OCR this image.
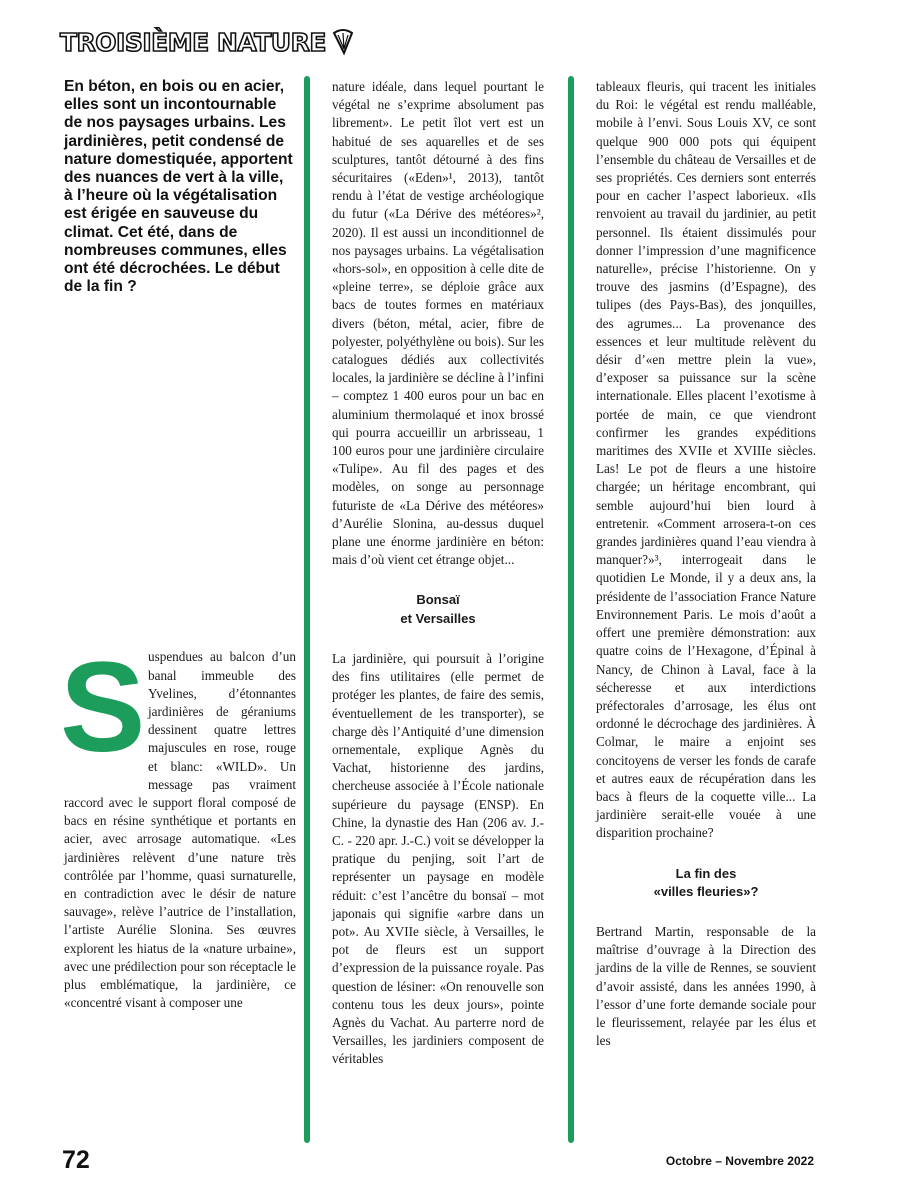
TROISIÈME NATURE

En béton, en bois ou en acier, elles sont un incontournable de nos paysages urbains. Les jardinières, petit condensé de nature domestiquée, apportent des nuances de vert à la ville, à l’heure où la végétalisation est érigée en sauveuse du climat. Cet été, dans de nombreuses communes, elles ont été décrochées. Le début de la fin ?

S uspendues au balcon d’un banal immeuble des Yvelines, d’étonnantes jardinières de géraniums dessinent quatre lettres majuscules en rose, rouge et blanc: «WILD». Un message pas vraiment raccord avec le support floral composé de bacs en résine synthétique et portants en acier, avec arrosage automatique. «Les jardinières relèvent d’une nature très contrôlée par l’homme, quasi surnaturelle, en contradiction avec le désir de nature sauvage», relève l’autrice de l’installation, l’artiste Aurélie Slonina. Ses œuvres explorent les hiatus de la «nature urbaine», avec une prédilection pour son réceptacle le plus emblématique, la jardinière, ce «concentré visant à composer une

nature idéale, dans lequel pourtant le végétal ne s’exprime absolument pas librement». Le petit îlot vert est un habitué de ses aquarelles et de ses sculptures, tantôt détourné à des fins sécuritaires («Eden»¹, 2013), tantôt rendu à l’état de vestige archéologique du futur («La Dérive des météores»², 2020). Il est aussi un inconditionnel de nos paysages urbains. La végétalisation «hors-sol», en opposition à celle dite de «pleine terre», se déploie grâce aux bacs de toutes formes en matériaux divers (béton, métal, acier, fibre de polyester, polyéthylène ou bois). Sur les catalogues dédiés aux collectivités locales, la jardinière se décline à l’infini – comptez 1 400 euros pour un bac en aluminium thermolaqué et inox brossé qui pourra accueillir un arbrisseau, 1 100 euros pour une jardinière circulaire «Tulipe». Au fil des pages et des modèles, on songe au personnage futuriste de «La Dérive des météores» d’Aurélie Slonina, au-dessus duquel plane une énorme jardinière en béton: mais d’où vient cet étrange objet...

Bonsaï

et Versailles

La jardinière, qui poursuit à l’origine des fins utilitaires (elle permet de protéger les plantes, de faire des semis, éventuellement de les transporter), se charge dès l’Antiquité d’une dimension ornementale, explique Agnès du Vachat, historienne des jardins, chercheuse associée à l’École nationale supérieure du paysage (ENSP). En Chine, la dynastie des Han (206 av. J.-C. - 220 apr. J.-C.) voit se développer la pratique du penjing, soit l’art de représenter un paysage en modèle réduit: c’est l’ancêtre du bonsaï – mot japonais qui signifie «arbre dans un pot». Au XVIIe siècle, à Versailles, le pot de fleurs est un support d’expression de la puissance royale. Pas question de lésiner: «On renouvelle son contenu tous les deux jours», pointe Agnès du Vachat. Au parterre nord de Versailles, les jardiniers composent de véritables

tableaux fleuris, qui tracent les initiales du Roi: le végétal est rendu malléable, mobile à l’envi. Sous Louis XV, ce sont quelque 900 000 pots qui équipent l’ensemble du château de Versailles et de ses propriétés. Ces derniers sont enterrés pour en cacher l’aspect laborieux. «Ils renvoient au travail du jardinier, au petit personnel. Ils étaient dissimulés pour donner l’impression d’une magnificence naturelle», précise l’historienne. On y trouve des jasmins (d’Espagne), des tulipes (des Pays-Bas), des jonquilles, des agrumes... La provenance des essences et leur multitude relèvent du désir d’«en mettre plein la vue», d’exposer sa puissance sur la scène internationale. Elles placent l’exotisme à portée de main, ce que viendront confirmer les grandes expéditions maritimes des XVIIe et XVIIIe siècles. Las! Le pot de fleurs a une histoire chargée; un héritage encombrant, qui semble aujourd’hui bien lourd à entretenir. «Comment arrosera-t-on ces grandes jardinières quand l’eau viendra à manquer?»³, interrogeait dans le quotidien Le Monde, il y a deux ans, la présidente de l’association France Nature Environnement Paris. Le mois d’août a offert une première démonstration: aux quatre coins de l’Hexagone, d’Épinal à Nancy, de Chinon à Laval, face à la sécheresse et aux interdictions préfectorales d’arrosage, les élus ont ordonné le décrochage des jardinières. À Colmar, le maire a enjoint ses concitoyens de verser les fonds de carafe et autres eaux de récupération dans les bacs à fleurs de la coquette ville... La jardinière serait-elle vouée à une disparition prochaine?

La fin des

«villes fleuries»?

Bertrand Martin, responsable de la maîtrise d’ouvrage à la Direction des jardins de la ville de Rennes, se souvient d’avoir assisté, dans les années 1990, à l’essor d’une forte demande sociale pour le fleurissement, relayée par les élus et les

72	Octobre – Novembre 2022
